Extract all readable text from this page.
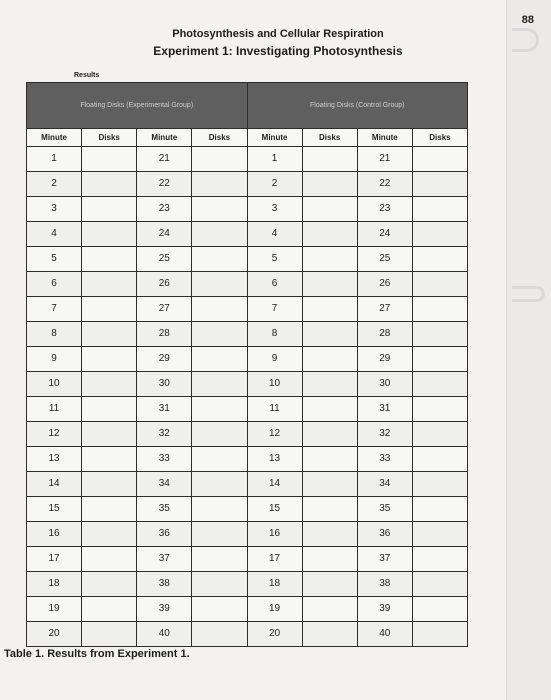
88
Photosynthesis and Cellular Respiration
Experiment 1: Investigating Photosynthesis
Results
Floating Disks (Experimental Group)				Floating Disks (Control Group)			
Minute	Disks	Minute	Disks	Minute	Disks	Minute	Disks
1		21		1		21	
2		22		2		22	
3		23		3		23	
4		24		4		24	
5		25		5		25	
6		26		6		26	
7		27		7		27	
8		28		8		28	
9		29		9		29	
10		30		10		30	
11		31		11		31	
12		32		12		32	
13		33		13		33	
14		34		14		34	
15		35		15		35	
16		36		16		36	
17		37		17		37	
18		38		18		38	
19		39		19		39	
20		40		20		40	
Table 1. Results from Experiment 1.
